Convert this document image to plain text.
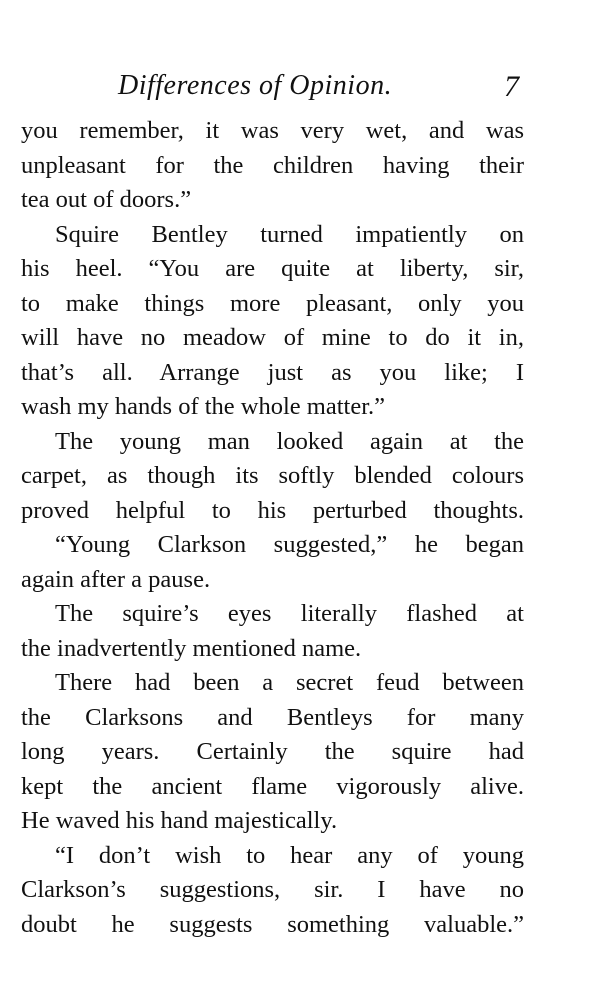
Differences of Opinion.	7
you remember, it was very wet, and was
unpleasant for the children having their
tea out of doors.”
Squire Bentley turned impatiently on
his heel. “You are quite at liberty, sir,
to make things more pleasant, only you
will have no meadow of mine to do it in,
that’s all. Arrange just as you like; I
wash my hands of the whole matter.”
The young man looked again at the
carpet, as though its softly blended colours
proved helpful to his perturbed thoughts.
“Young Clarkson suggested,” he began
again after a pause.
The squire’s eyes literally flashed at
the inadvertently mentioned name.
There had been a secret feud between
the Clarksons and Bentleys for many
long years. Certainly the squire had
kept the ancient flame vigorously alive.
He waved his hand majestically.
“I don’t wish to hear any of young
Clarkson’s suggestions, sir. I have no
doubt he suggests something valuable.”
